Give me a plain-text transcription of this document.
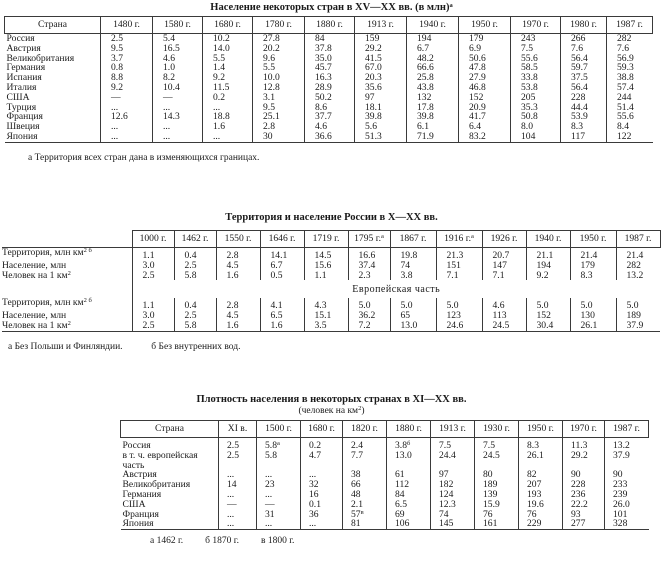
Население некоторых стран в XV—XX вв. (в млн)$^а$
Страна	1480 г.	1580 г.	1680 г.	1780 г.	1880 г.	1913 г.	1940 г.	1950 г.	1970 г.	1980 г.	1987 г.
Россия	2.5	5.4	10.2	27.8	84	159	194	179	243	266	282
Австрия	9.5	16.5	14.0	20.2	37.8	29.2	6.7	6.9	7.5	7.6	7.6
Великобритания	3.7	4.6	5.5	9.6	35.0	41.5	48.2	50.6	55.6	56.4	56.9
Германия	0.8	1.0	1.4	5.5	45.7	67.0	66.6	47.8	58.5	59.7	59.3
Испания	8.8	8.2	9.2	10.0	16.3	20.3	25.8	27.9	33.8	37.5	38.8
Италия	9.2	10.4	11.5	12.8	28.9	35.6	43.8	46.8	53.8	56.4	57.4
США	—	—	0.2	3.1	50.2	97	132	152	205	228	244
Турция	...	...	...	9.5	8.6	18.1	17.8	20.9	35.3	44.4	51.4
Франция	12.6	14.3	18.8	25.1	37.7	39.8	39.8	41.7	50.8	53.9	55.6
Швеция	...	...	1.6	2.8	4.6	5.6	6.1	6.4	8.0	8.3	8.4
Япония	...	...	...	30	36.6	51.3	71.9	83.2	104	117	122
а Территория всех стран дана в изменяющихся границах.
Территория и население России в X—XX вв.
	1000 г.	1462 г.	1550 г.	1646 г.	1719 г.	1795 г.$^а$	1867 г.	1916 г.$^а$	1926 г.	1940 г.	1950 г.	1987 г.
Территория, млн $км^{2 б}$	1.1	0.4	2.8	14.1	14.5	16.6	19.8	21.3	20.7	21.1	21.4	21.4
Население, млн	3.0	2.5	4.5	6.7	15.6	37.4	74	151	147	194	179	282
Человек на 1 $км^2$	2.5	5.8	1.6	0.5	1.1	2.3	3.8	7.1	7.1	9.2	8.3	13.2
	Европейская часть											
Территория, млн $км^{2 б}$	1.1	0.4	2.8	4.1	4.3	5.0	5.0	5.0	4.6	5.0	5.0	5.0
Население, млн	3.0	2.5	4.5	6.5	15.1	36.2	65	123	113	152	130	189
Человек на 1 $км^2$	2.5	5.8	1.6	1.6	3.5	7.2	13.0	24.6	24.5	30.4	26.1	37.9
а Без Польши и Финляндии.	б Без внутренних вод.
Плотность населения в некоторых странах в XI—XX вв.
(человек на $км^2$)
Страна	XI в.	1500 г.	1680 г.	1820 г.	1880 г.	1913 г.	1930 г.	1950 г.	1970 г.	1987 г.
Россия	2.5	$5.8^а$	0.2	2.4	$3.8^б$	7.5	7.5	8.3	11.3	13.2
в т. ч. европейская	2.5	5.8	4.7	7.7	13.0	24.4	24.5	26.1	29.2	37.9
часть										
Австрия	...	...	...	38	61	97	80	82	90	90
Великобритания	14	23	32	66	112	182	189	207	228	233
Германия	...	...	16	48	84	124	139	193	236	239
США	—	—	0.1	2.1	6.5	12.3	15.9	19.6	22.2	26.0
Франция	...	31	36	$57^в$	69	74	76	76	93	101
Япония	...	...	...	81	106	145	161	229	277	328
а 1462 г. б 1870 г. в 1800 г.
